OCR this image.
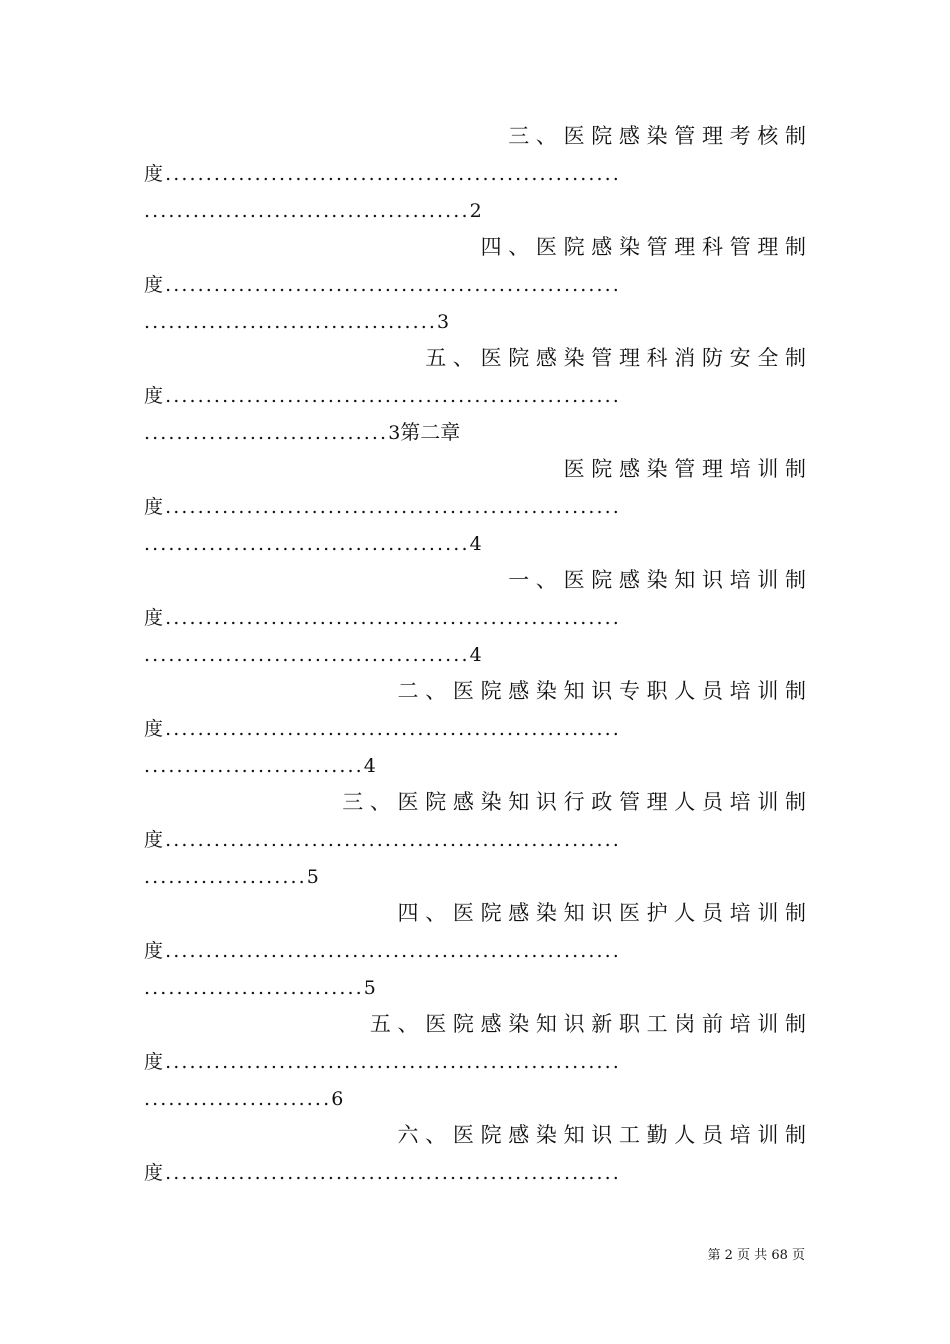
三 、 医 院 感 染 管 理 考 核 制
度........................................................
........................................2
四 、 医 院 感 染 管 理 科 管 理 制
度........................................................
....................................3
五 、 医 院 感 染 管 理 科 消 防 安 全 制
度........................................................
..............................3第二章
医 院 感 染 管 理 培 训 制
度........................................................
........................................4
一 、 医 院 感 染 知 识 培 训 制
度........................................................
........................................4
二 、 医 院 感 染 知 识 专 职 人 员 培 训 制
度........................................................
...........................4
三 、 医 院 感 染 知 识 行 政 管 理 人 员 培 训 制
度........................................................
....................5
四 、 医 院 感 染 知 识 医 护 人 员 培 训 制
度........................................................
...........................5
五 、 医 院 感 染 知 识 新 职 工 岗 前 培 训 制
度........................................................
.......................6
六 、 医 院 感 染 知 识 工 勤 人 员 培 训 制
度........................................................
第 2 页 共 68 页
